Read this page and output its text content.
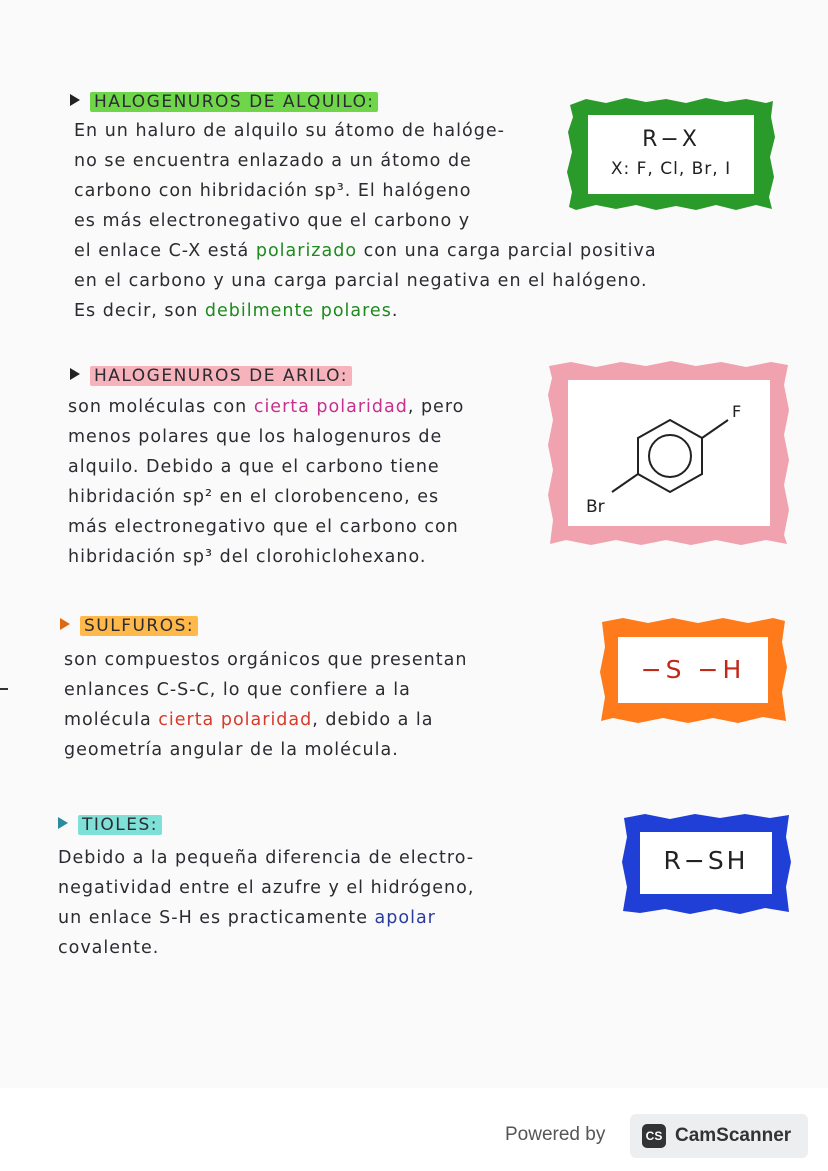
HALOGENUROS DE ALQUILO:
En un haluro de alquilo su átomo de halóge-
no se encuentra enlazado a un átomo de
carbono con hibridación sp³. El halógeno
es más electronegativo que el carbono y
el enlace C-X está polarizado con una carga parcial positiva
en el carbono y una carga parcial negativa en el halógeno.
Es decir, son debilmente polares.
R−X
X: F, Cl, Br, I
HALOGENUROS DE ARILO:
son moléculas con cierta polaridad, pero
menos polares que los halogenuros de
alquilo. Debido a que el carbono tiene
hibridación sp² en el clorobenceno, es
más electronegativo que el carbono con
hibridación sp³ del clorohiclohexano.
F
Br
SULFUROS:
son compuestos orgánicos que presentan
enlances C-S-C, lo que confiere a la
molécula cierta polaridad, debido a la
geometría angular de la molécula.
−S −H
TIOLES:
Debido a la pequeña diferencia de electro-
negatividad entre el azufre y el hidrógeno,
un enlace S-H es practicamente apolar
covalente.
R−SH
Powered by	CS CamScanner
